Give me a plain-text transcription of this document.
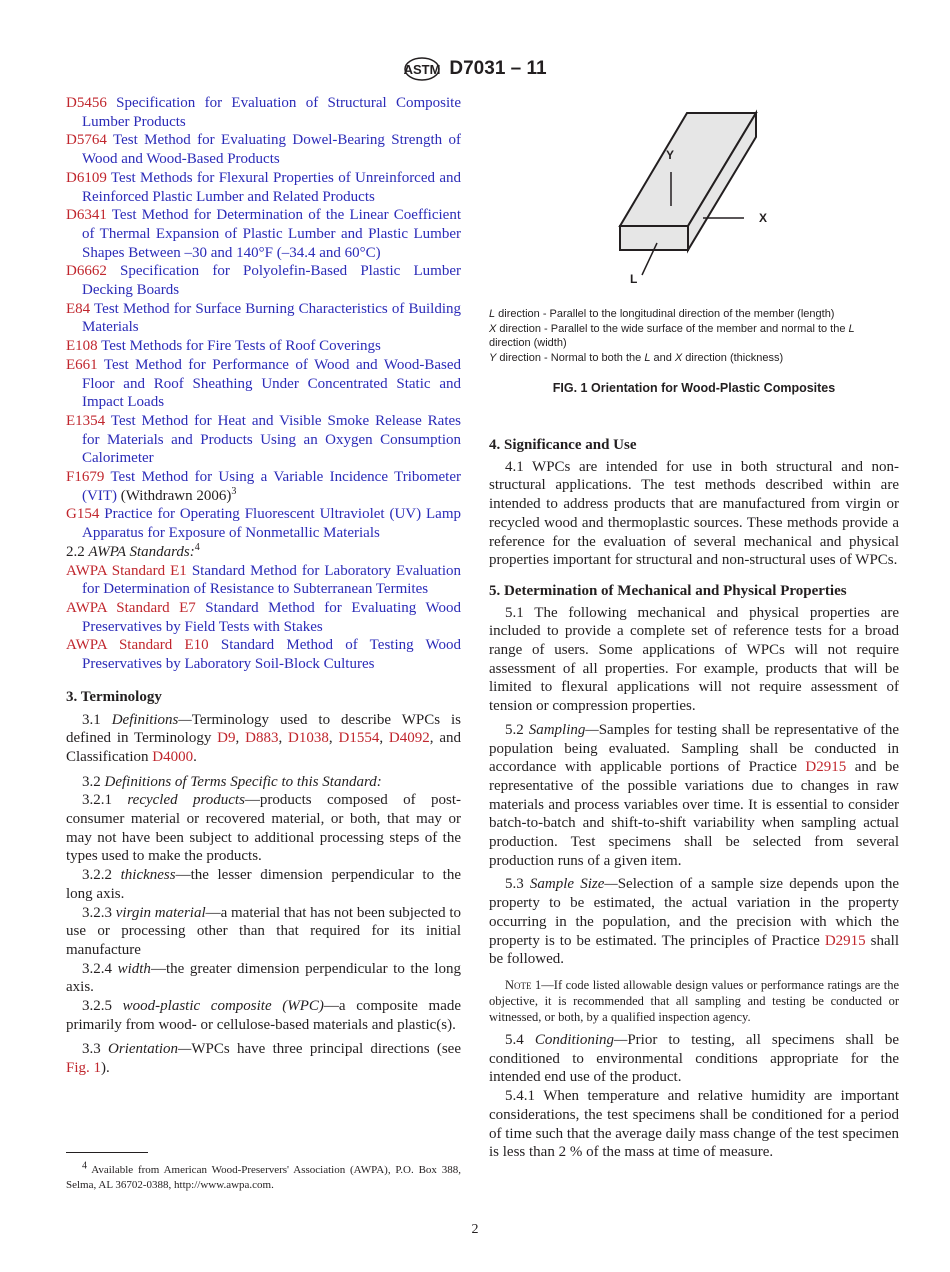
ASTM D7031 – 11
D5456 Specification for Evaluation of Structural Composite Lumber Products
D5764 Test Method for Evaluating Dowel-Bearing Strength of Wood and Wood-Based Products
D6109 Test Methods for Flexural Properties of Unreinforced and Reinforced Plastic Lumber and Related Products
D6341 Test Method for Determination of the Linear Coefficient of Thermal Expansion of Plastic Lumber and Plastic Lumber Shapes Between –30 and 140°F (–34.4 and 60°C)
D6662 Specification for Polyolefin-Based Plastic Lumber Decking Boards
E84 Test Method for Surface Burning Characteristics of Building Materials
E108 Test Methods for Fire Tests of Roof Coverings
E661 Test Method for Performance of Wood and Wood-Based Floor and Roof Sheathing Under Concentrated Static and Impact Loads
E1354 Test Method for Heat and Visible Smoke Release Rates for Materials and Products Using an Oxygen Consumption Calorimeter
F1679 Test Method for Using a Variable Incidence Tribometer (VIT) (Withdrawn 2006)$^3$
G154 Practice for Operating Fluorescent Ultraviolet (UV) Lamp Apparatus for Exposure of Nonmetallic Materials
2.2 AWPA Standards:$^4$
AWPA Standard E1 Standard Method for Laboratory Evaluation for Determination of Resistance to Subterranean Termites
AWPA Standard E7 Standard Method for Evaluating Wood Preservatives by Field Tests with Stakes
AWPA Standard E10 Standard Method of Testing Wood Preservatives by Laboratory Soil-Block Cultures

3. Terminology

3.1 Definitions—Terminology used to describe WPCs is defined in Terminology D9, D883, D1038, D1554, D4092, and Classification D4000.

3.2 Definitions of Terms Specific to this Standard:

3.2.1 recycled products—products composed of post-consumer material or recovered material, or both, that may or may not have been subject to additional processing steps of the types used to make the products.

3.2.2 thickness—the lesser dimension perpendicular to the long axis.

3.2.3 virgin material—a material that has not been subjected to use or processing other than that required for its initial manufacture

3.2.4 width—the greater dimension perpendicular to the long axis.

3.2.5 wood-plastic composite (WPC)—a composite made primarily from wood- or cellulose-based materials and plastic(s).

3.3 Orientation—WPCs have three principal directions (see Fig. 1).

$^4$ Available from American Wood-Preservers' Association (AWPA), P.O. Box 388, Selma, AL 36702-0388, http://www.awpa.com.
Y
X
L
L direction - Parallel to the longitudinal direction of the member (length)
X direction - Parallel to the wide surface of the member and normal to the L direction (width)
Y direction - Normal to both the L and X direction (thickness)
FIG. 1 Orientation for Wood-Plastic Composites

4. Significance and Use

4.1 WPCs are intended for use in both structural and non-structural applications. The test methods described within are intended to address products that are manufactured from virgin or recycled wood and thermoplastic sources. These methods provide a reference for the evaluation of several mechanical and physical properties important for structural and non-structural uses of WPCs.

5. Determination of Mechanical and Physical Properties

5.1 The following mechanical and physical properties are included to provide a complete set of reference tests for a broad range of users. Some applications of WPCs will not require assessment of all properties. For example, products that will be limited to flexural applications will not require assessment of tension or compression properties.

5.2 Sampling—Samples for testing shall be representative of the population being evaluated. Sampling shall be conducted in accordance with applicable portions of Practice D2915 and be representative of the possible variations due to changes in raw materials and process variables over time. It is essential to consider batch-to-batch and shift-to-shift variability when sampling actual production. Test specimens shall be selected from several production runs of a given item.

5.3 Sample Size—Selection of a sample size depends upon the property to be estimated, the actual variation in the property occurring in the population, and the precision with which the property is to be estimated. The principles of Practice D2915 shall be followed.

Note 1—If code listed allowable design values or performance ratings are the objective, it is recommended that all sampling and testing be conducted or witnessed, or both, by a qualified inspection agency.

5.4 Conditioning—Prior to testing, all specimens shall be conditioned to environmental conditions appropriate for the intended end use of the product.

5.4.1 When temperature and relative humidity are important considerations, the test specimens shall be conditioned for a period of time such that the average daily mass change of the test specimen is less than 2 % of the mass at time of measure.

2
